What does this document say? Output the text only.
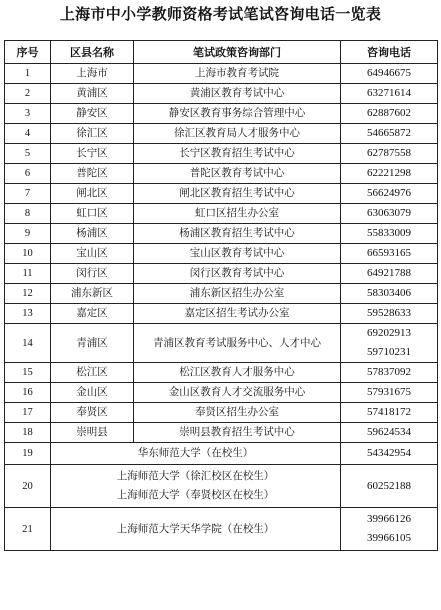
上海市中小学教师资格考试笔试咨询电话一览表
序号	区县名称	笔试政策咨询部门	咨询电话
1	上海市	上海市教育考试院	64946675

2	黄浦区	黄浦区教育考试中心	63271614

3	静安区	静安区教育事务综合管理中心	62887602

4	徐汇区	徐汇区教育局人才服务中心	54665872

5	长宁区	长宁区教育招生考试中心	62787558

6	普陀区	普陀区教育考试中心	62221298

7	闸北区	闸北区教育招生考试中心	56624976

8	虹口区	虹口区招生办公室	63063079

9	杨浦区	杨浦区教育招生考试中心	55833009

10	宝山区	宝山区教育考试中心	66593165

11	闵行区	闵行区教育考试中心	64921788

12	浦东新区	浦东新区招生办公室	58303406

13	嘉定区	嘉定区招生考试办公室	59528633

14	青浦区	青浦区教育考试服务中心、人才中心	69202913
59710231

15	松江区	松江区教育人才服务中心	57837092

16	金山区	金山区教育人才交流服务中心	57931675

17	奉贤区	奉贤区招生办公室	57418172

18	崇明县	崇明县教育招生考试中心	59624534

19	华东师范大学（在校生）		54342954

20	上海师范大学（徐汇校区在校生）
上海师范大学（奉贤校区在校生）		60252188

21	上海师范大学天华学院（在校生）		39966126
39966105
